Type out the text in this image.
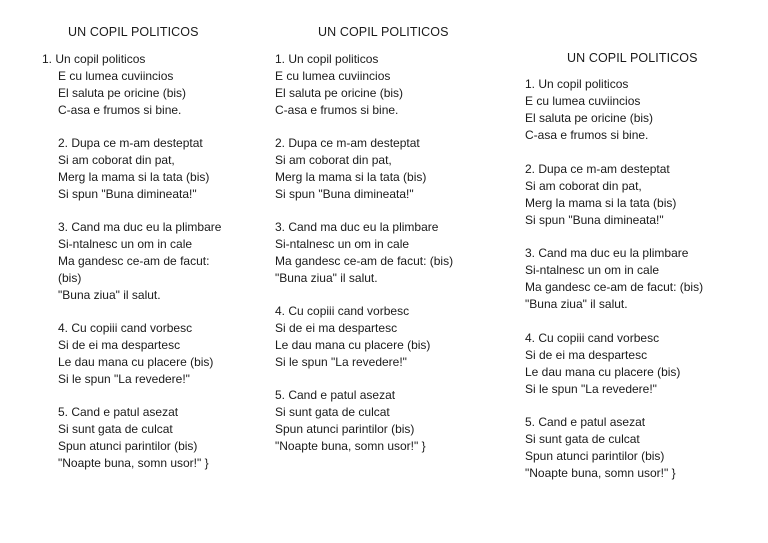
UN COPIL POLITICOS
1. Un copil politicos
E cu lumea cuviincios
El saluta pe oricine (bis)
C-asa e frumos si bine.
2. Dupa ce m-am desteptat
Si am coborat din pat,
Merg la mama si la tata (bis)
Si spun "Buna dimineata!"
3. Cand ma duc eu la plimbare
Si-ntalnesc un om in cale
Ma gandesc ce-am de facut:
(bis)
"Buna ziua" il salut.
4. Cu copiii cand vorbesc
Si de ei ma despartesc
Le dau mana cu placere (bis)
Si le spun "La revedere!"
5. Cand e patul asezat
Si sunt gata de culcat
Spun atunci parintilor (bis)
"Noapte buna, somn usor!" }
UN COPIL POLITICOS
1. Un copil politicos
E cu lumea cuviincios
El saluta pe oricine (bis)
C-asa e frumos si bine.
2. Dupa ce m-am desteptat
Si am coborat din pat,
Merg la mama si la tata (bis)
Si spun "Buna dimineata!"
3. Cand ma duc eu la plimbare
Si-ntalnesc un om in cale
Ma gandesc ce-am de facut: (bis)
"Buna ziua" il salut.
4. Cu copiii cand vorbesc
Si de ei ma despartesc
Le dau mana cu placere (bis)
Si le spun "La revedere!"
5. Cand e patul asezat
Si sunt gata de culcat
Spun atunci parintilor (bis)
"Noapte buna, somn usor!" }
UN COPIL POLITICOS
1. Un copil politicos
E cu lumea cuviincios
El saluta pe oricine (bis)
C-asa e frumos si bine.
2. Dupa ce m-am desteptat
Si am coborat din pat,
Merg la mama si la tata (bis)
Si spun "Buna dimineata!"
3. Cand ma duc eu la plimbare
Si-ntalnesc un om in cale
Ma gandesc ce-am de facut: (bis)
"Buna ziua" il salut.
4. Cu copiii cand vorbesc
Si de ei ma despartesc
Le dau mana cu placere (bis)
Si le spun "La revedere!"
5. Cand e patul asezat
Si sunt gata de culcat
Spun atunci parintilor (bis)
"Noapte buna, somn usor!" }
